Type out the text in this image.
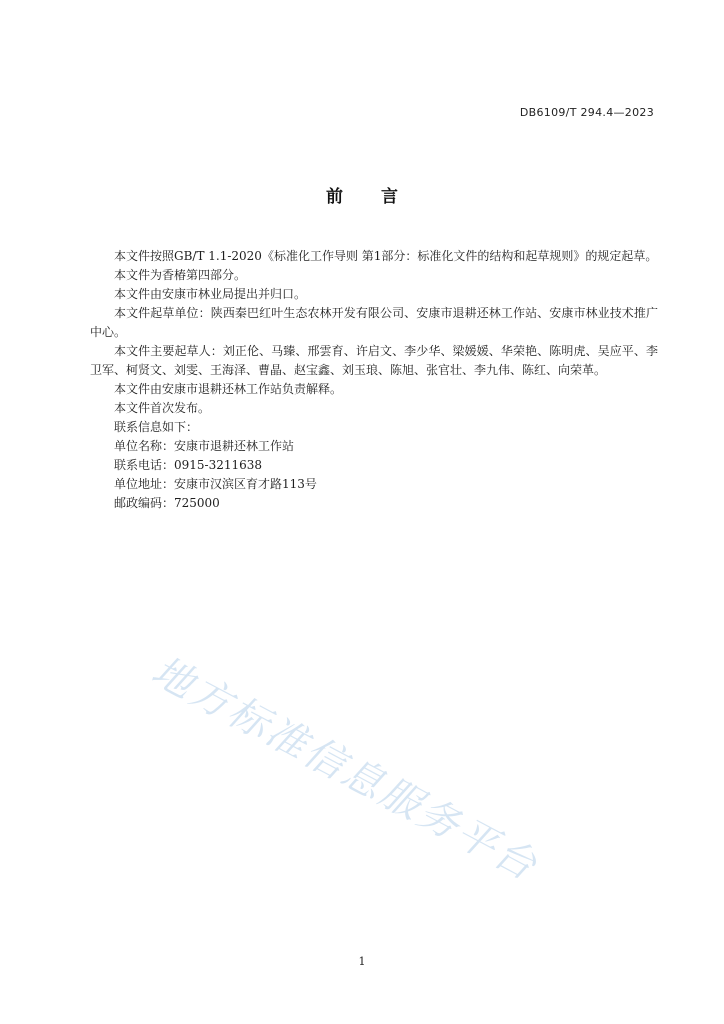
DB6109/T 294.4—2023
前言

本文件按照GB/T 1.1-2020《标准化工作导则 第1部分：标准化文件的结构和起草规则》的规定起草。

本文件为香椿第四部分。

本文件由安康市林业局提出并归口。

本文件起草单位：陕西秦巴红叶生态农林开发有限公司、安康市退耕还林工作站、安康市林业技术推广中心。

本文件主要起草人：刘正伦、马臻、邢雲育、许启文、李少华、梁媛媛、华荣艳、陈明虎、吴应平、李卫军、柯贤文、刘雯、王海泽、曹晶、赵宝鑫、刘玉琅、陈旭、张官壮、李九伟、陈红、向荣革。

本文件由安康市退耕还林工作站负责解释。

本文件首次发布。

联系信息如下：

单位名称：安康市退耕还林工作站

联系电话：0915-3211638

单位地址：安康市汉滨区育才路113号

邮政编码：725000

地方标准信息服务平台
1
